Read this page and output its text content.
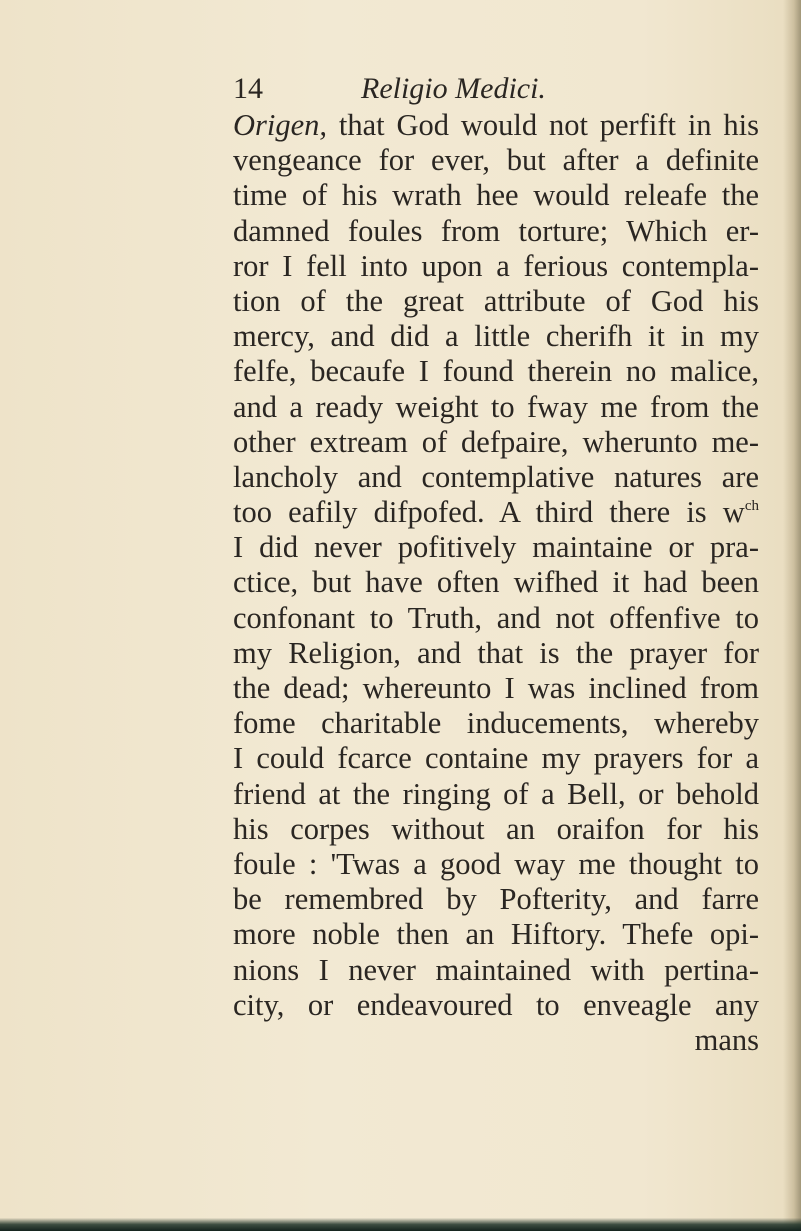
14	Religio Medici.
Origen, that God would not perfift in his
vengeance for ever, but after a definite
time of his wrath hee would releafe the
damned foules from torture; Which er-
ror I fell into upon a ferious contempla-
tion of the great attribute of God his
mercy, and did a little cherifh it in my
felfe, becaufe I found therein no malice,
and a ready weight to fway me from the
other extream of defpaire, wherunto me-
lancholy and contemplative natures are
too eafily difpofed. A third there is $w^{ch}$
I did never pofitively maintaine or pra-
ctice, but have often wifhed it had been
confonant to Truth, and not offenfive to
my Religion, and that is the prayer for
the dead; whereunto I was inclined from
fome charitable inducements, whereby
I could fcarce containe my prayers for a
friend at the ringing of a Bell, or behold
his corpes without an oraifon for his
foule : 'Twas a good way me thought to
be remembred by Pofterity, and farre
more noble then an Hiftory. Thefe opi-
nions I never maintained with pertina-
city, or endeavoured to enveagle any
mans
